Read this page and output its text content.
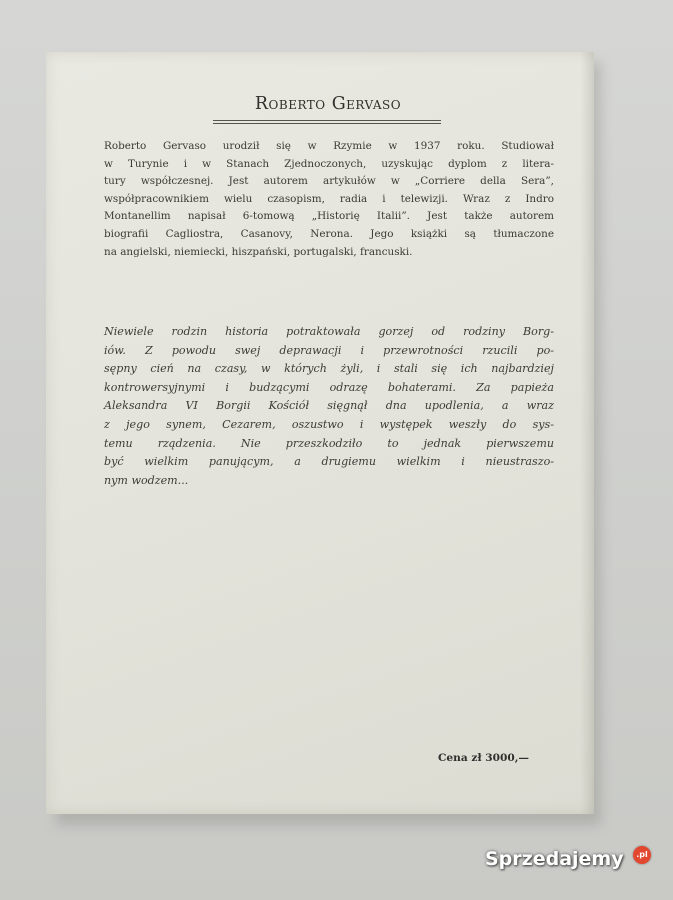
Roberto Gervaso
Roberto Gervaso urodził się w Rzymie w 1937 roku. Studiował
w Turynie i w Stanach Zjednoczonych, uzyskując dyplom z litera-
tury współczesnej. Jest autorem artykułów w „Corriere della Sera”,
współpracownikiem wielu czasopism, radia i telewizji. Wraz z Indro
Montanellim napisał 6-tomową „Historię Italii”. Jest także autorem
biografii Cagliostra, Casanovy, Nerona. Jego książki są tłumaczone
na angielski, niemiecki, hiszpański, portugalski, francuski.
Niewiele rodzin historia potraktowała gorzej od rodziny Borg-
iów. Z powodu swej deprawacji i przewrotności rzucili po-
sępny cień na czasy, w których żyli, i stali się ich najbardziej
kontrowersyjnymi i budzącymi odrazę bohaterami. Za papieża
Aleksandra VI Borgii Kościół sięgnął dna upodlenia, a wraz
z jego synem, Cezarem, oszustwo i występek weszły do sys-
temu rządzenia. Nie przeszkodziło to jednak pierwszemu
być wielkim panującym, a drugiemu wielkim i nieustraszo-
nym wodzem...
Cena zł 3000,—
Sprzedajemy	.pl
